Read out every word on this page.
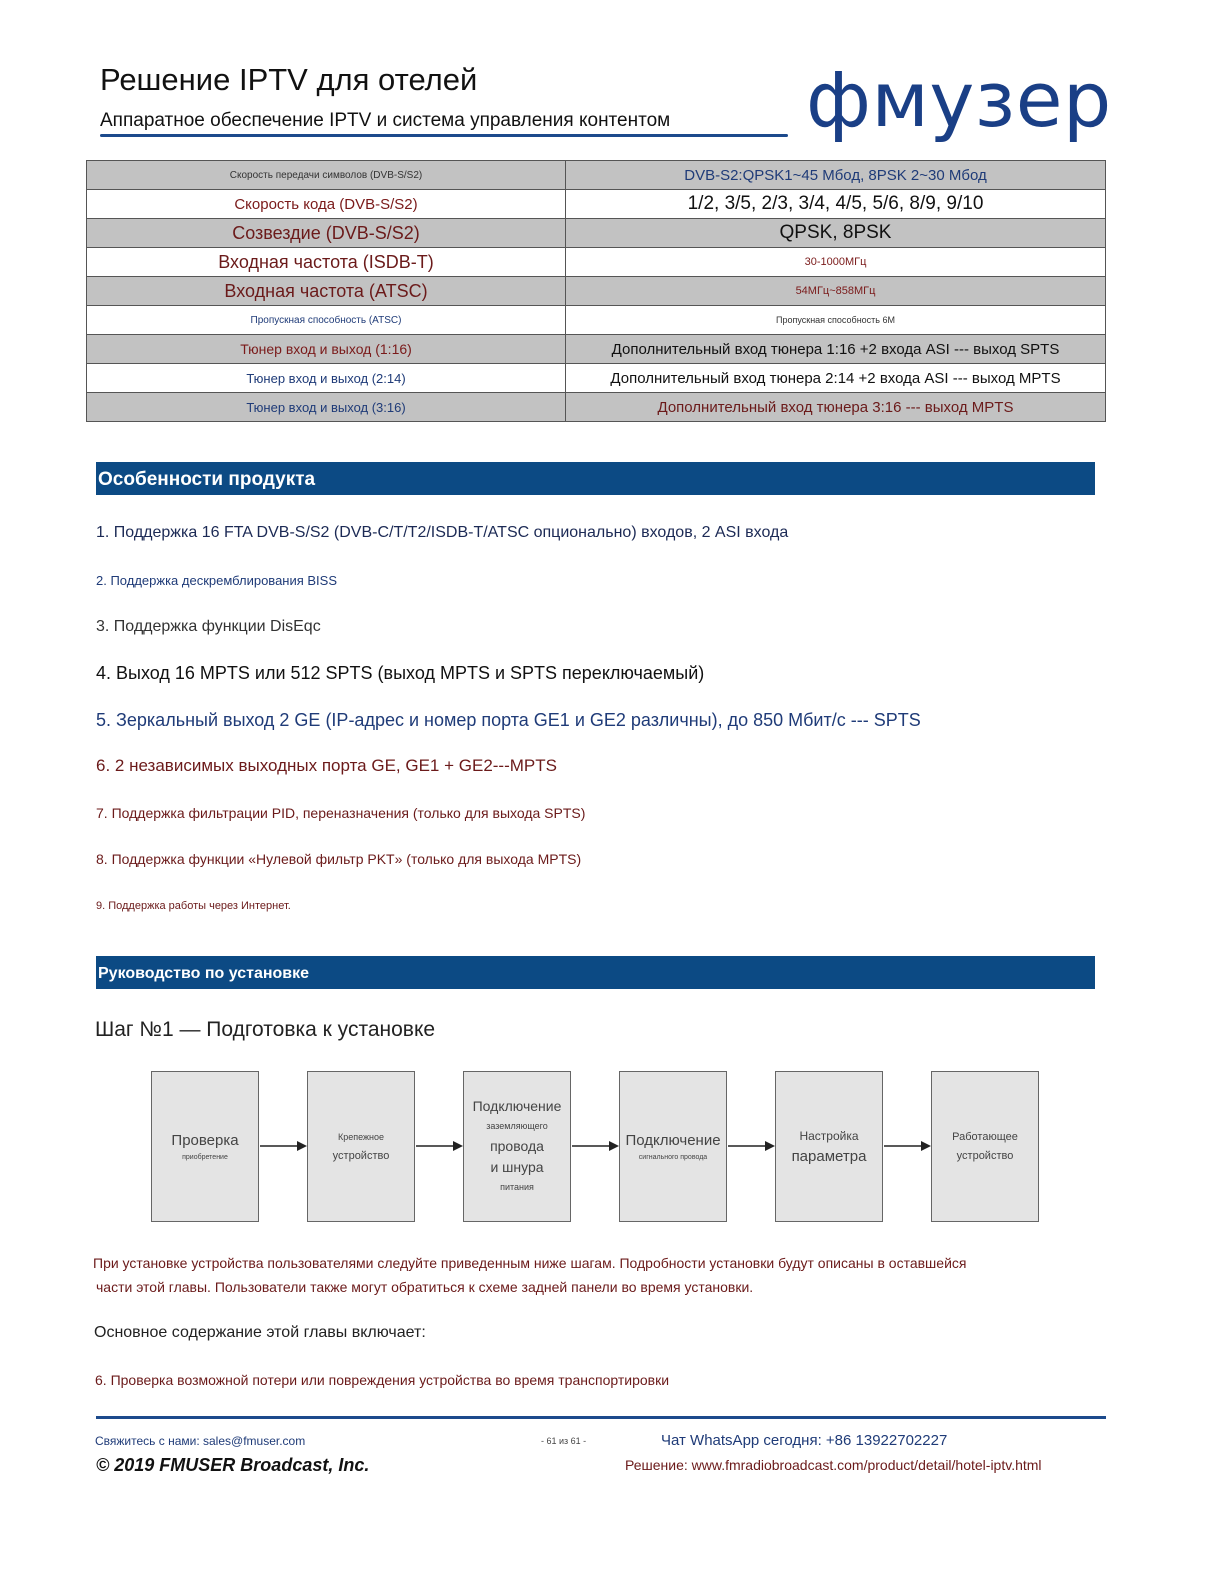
Решение IPTV для отелей
Аппаратное обеспечение IPTV и система управления контентом фмузер
Скорость передачи символов (DVB-S/S2)	DVB-S2:QPSK1~45 Мбод, 8PSK 2~30 Мбод
Скорость кода (DVB-S/S2)	1/2, 3/5, 2/3, 3/4, 4/5, 5/6, 8/9, 9/10
Созвездие (DVB-S/S2)	QPSK, 8PSK
Входная частота (ISDB-T)	30-1000МГц
Входная частота (ATSC)	54МГц~858МГц
Пропускная способность (ATSC)	Пропускная способность 6М
Тюнер вход и выход (1:16)	Дополнительный вход тюнера 1:16 +2 входа ASI --- выход SPTS
Тюнер вход и выход (2:14)	Дополнительный вход тюнера 2:14 +2 входа ASI --- выход MPTS
Тюнер вход и выход (3:16)	Дополнительный вход тюнера 3:16 --- выход MPTS
Особенности продукта
1. Поддержка 16 FTA DVB-S/S2 (DVB-C/T/T2/ISDB-T/ATSC опционально) входов, 2 ASI входа
2. Поддержка дескремблирования BISS
3. Поддержка функции DisEqc
4. Выход 16 MPTS или 512 SPTS (выход MPTS и SPTS переключаемый)
5. Зеркальный выход 2 GE (IP-адрес и номер порта GE1 и GE2 различны), до 850 Мбит/с --- SPTS
6. 2 независимых выходных порта GE, GE1 + GE2---MPTS
7. Поддержка фильтрации PID, переназначения (только для выхода SPTS)
8. Поддержка функции «Нулевой фильтр PKT» (только для выхода MPTS)
9. Поддержка работы через Интернет.
Руководство по установке
Шаг №1 — Подготовка к установке
Проверка
приобретение
Крепежное
устройство
Подключение
заземляющего
провода
и шнура
питания
Подключение
сигнального провода
Настройка
параметра
Работающее
устройство
При установке устройства пользователями следуйте приведенным ниже шагам. Подробности установки будут описаны в оставшейся
части этой главы. Пользователи также могут обратиться к схеме задней панели во время установки.
Основное содержание этой главы включает:
6. Проверка возможной потери или повреждения устройства во время транспортировки
Свяжитесь с нами: sales@fmuser.com	- 61 из 61 -	Чат WhatsApp сегодня: +86 13922702227
© 2019 FMUSER Broadcast, Inc.	Решение: www.fmradiobroadcast.com/product/detail/hotel-iptv.html
